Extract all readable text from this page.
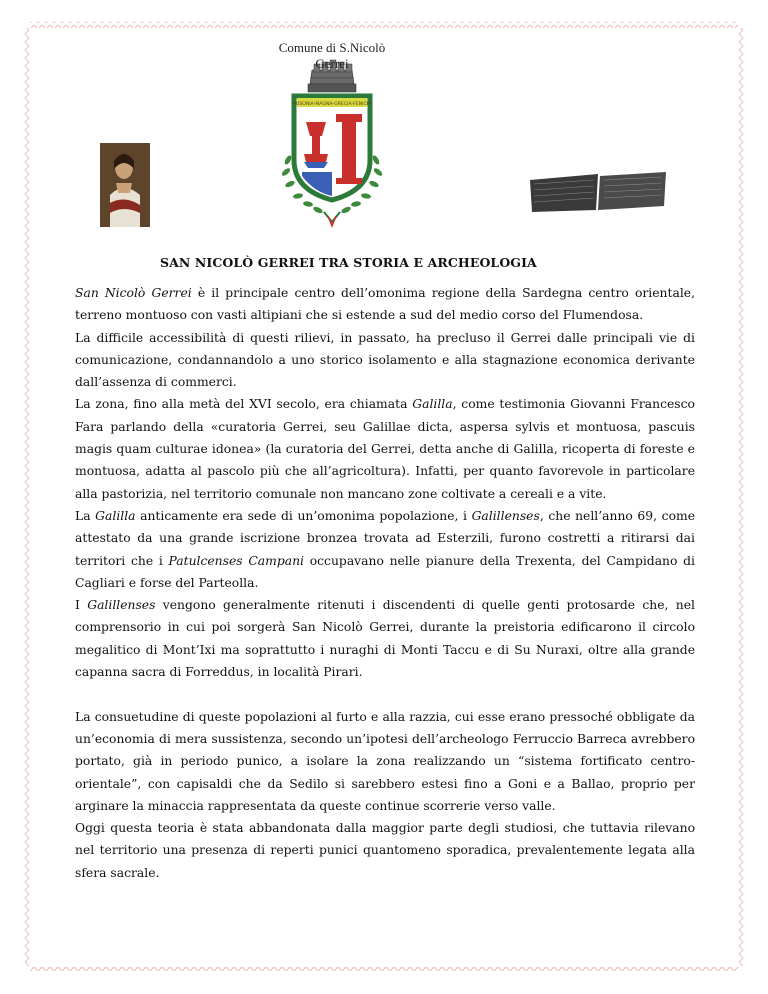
Comune di S.Nicolò Gerrei
AUSONIA-MAGNA-GRECIA-FENICIA
SAN NICOLÒ GERREI TRA STORIA E ARCHEOLOGIA

San Nicolò Gerrei è il principale centro dell’omonima regione della Sardegna centro orientale, terreno montuoso con vasti altipiani che si estende a sud del medio corso del Flumendosa.

La difficile accessibilità di questi rilievi, in passato, ha precluso il Gerrei dalle principali vie di comunicazione, condannandolo a uno storico isolamento e alla stagnazione economica derivante dall’assenza di commerci.

La zona, fino alla metà del XVI secolo, era chiamata Galilla, come testimonia Giovanni Francesco Fara parlando della «curatoria Gerrei, seu Galillae dicta, aspersa sylvis et montuosa, pascuis magis quam culturae idonea» (la curatoria del Gerrei, detta anche di Galilla, ricoperta di foreste e montuosa, adatta al pascolo più che all’agricoltura). Infatti, per quanto favorevole in particolare alla pastorizia, nel territorio comunale non mancano zone coltivate a cereali e a vite.

La Galilla anticamente era sede di un’omonima popolazione, i Galillenses, che nell’anno 69, come attestato da una grande iscrizione bronzea trovata ad Esterzili, furono costretti a ritirarsi dai territori che i Patulcenses Campani occupavano nelle pianure della Trexenta, del Campidano di Cagliari e forse del Parteolla.

I Galillenses vengono generalmente ritenuti i discendenti di quelle genti protosarde che, nel comprensorio in cui poi sorgerà San Nicolò Gerrei, durante la preistoria edificarono il circolo megalitico di Mont’Ixi ma soprattutto i nuraghi di Monti Taccu e di Su Nuraxi, oltre alla grande capanna sacra di Forreddus, in località Pirari.

La consuetudine di queste popolazioni al furto e alla razzia, cui esse erano pressoché obbligate da un’economia di mera sussistenza, secondo un’ipotesi dell’archeologo Ferruccio Barreca avrebbero portato, già in periodo punico, a isolare la zona realizzando un “sistema fortificato centro-orientale”, con capisaldi che da Sedilo si sarebbero estesi fino a Goni e a Ballao, proprio per arginare la minaccia rappresentata da queste continue scorrerie verso valle.

Oggi questa teoria è stata abbandonata dalla maggior parte degli studiosi, che tuttavia rilevano nel territorio una presenza di reperti punici quantomeno sporadica, prevalentemente legata alla sfera sacrale.
